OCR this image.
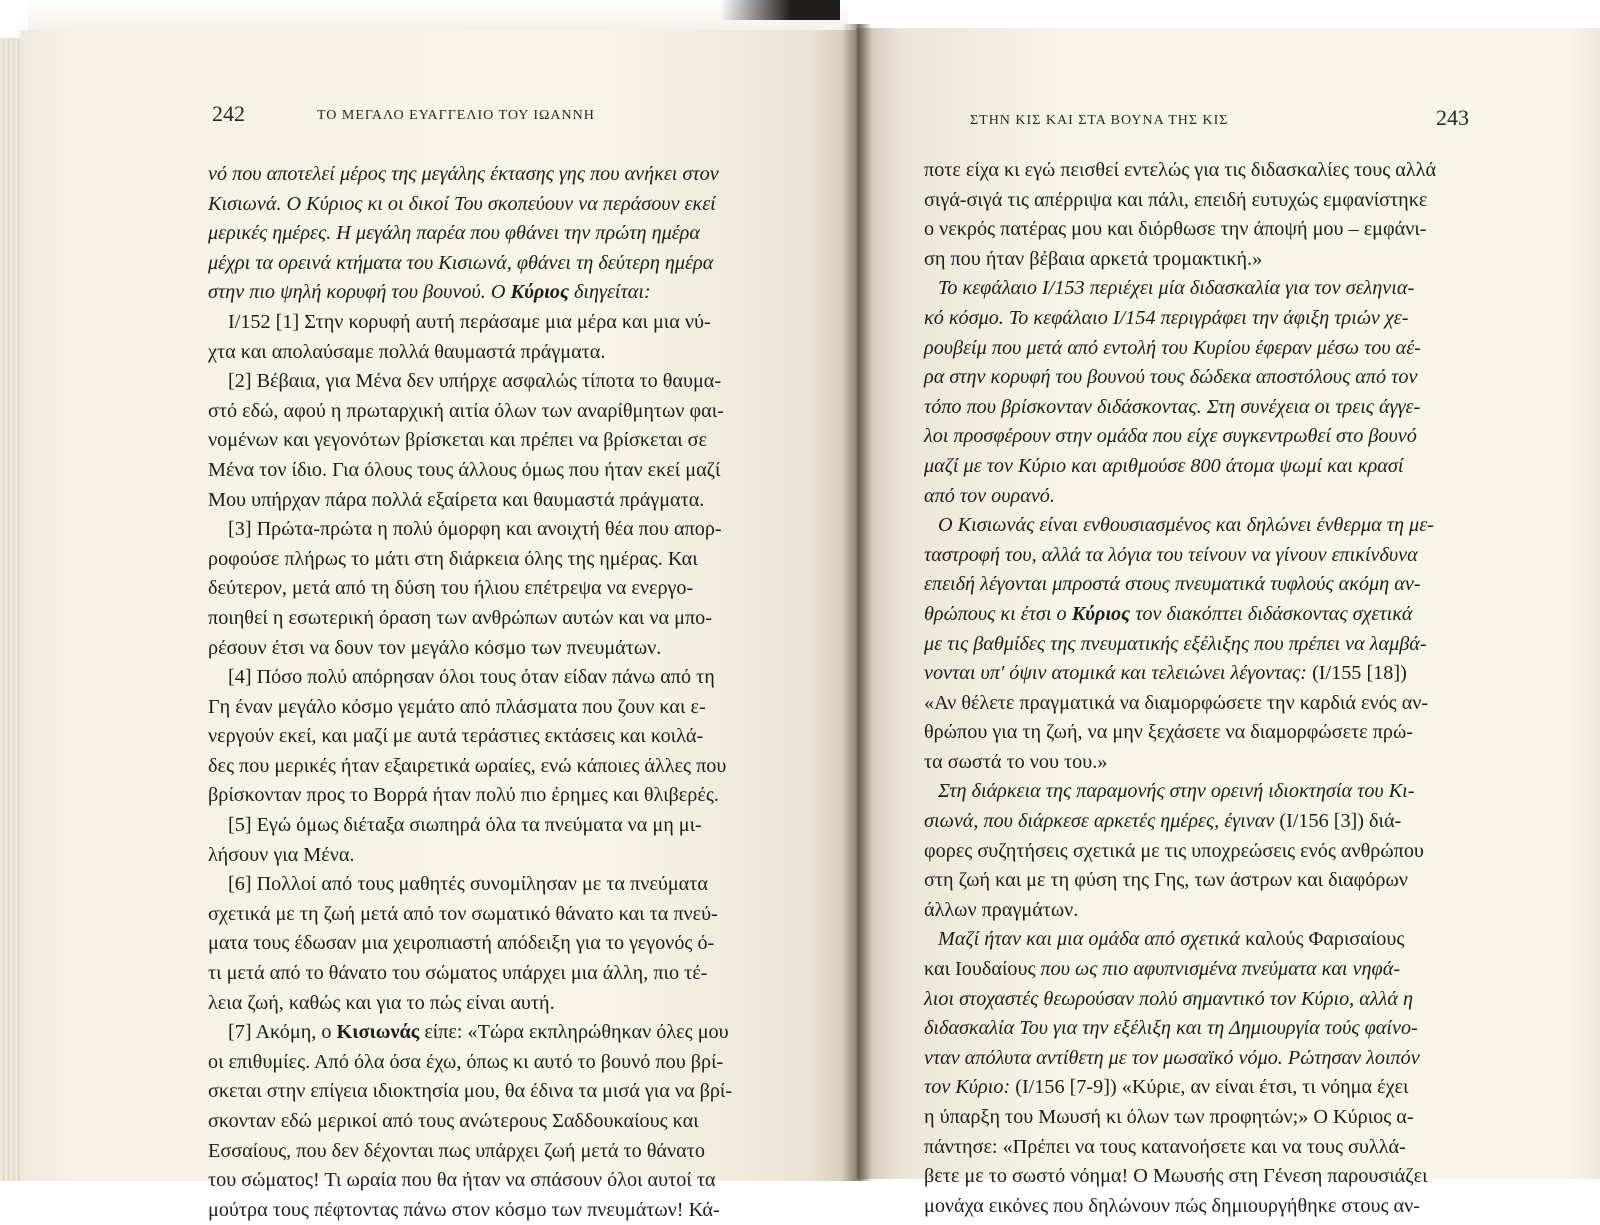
242	ΤΟ ΜΕΓΑΛΟ ΕΥΑΓΓΕΛΙΟ ΤΟΥ ΙΩΑΝΝΗ	ΣΤΗΝ ΚΙΣ ΚΑΙ ΣΤΑ ΒΟΥΝΑ ΤΗΣ ΚΙΣ	243
νό που αποτελεί μέρος της μεγάλης έκτασης γης που ανήκει στον
Κισιωνά. Ο Κύριος κι οι δικοί Του σκοπεύουν να περάσουν εκεί
μερικές ημέρες. Η μεγάλη παρέα που φθάνει την πρώτη ημέρα
μέχρι τα ορεινά κτήματα του Κισιωνά, φθάνει τη δεύτερη ημέρα
στην πιο ψηλή κορυφή του βουνού. Ο Κύριος διηγείται:
I/152 [1] Στην κορυφή αυτή περάσαμε μια μέρα και μια νύ-
χτα και απολαύσαμε πολλά θαυμαστά πράγματα.
[2] Βέβαια, για Μένα δεν υπήρχε ασφαλώς τίποτα το θαυμα-
στό εδώ, αφού η πρωταρχική αιτία όλων των αναρίθμητων φαι-
νομένων και γεγονότων βρίσκεται και πρέπει να βρίσκεται σε
Μένα τον ίδιο. Για όλους τους άλλους όμως που ήταν εκεί μαζί
Μου υπήρχαν πάρα πολλά εξαίρετα και θαυμαστά πράγματα.
[3] Πρώτα-πρώτα η πολύ όμορφη και ανοιχτή θέα που απορ-
ροφούσε πλήρως το μάτι στη διάρκεια όλης της ημέρας. Και
δεύτερον, μετά από τη δύση του ήλιου επέτρεψα να ενεργο-
ποιηθεί η εσωτερική όραση των ανθρώπων αυτών και να μπο-
ρέσουν έτσι να δουν τον μεγάλο κόσμο των πνευμάτων.
[4] Πόσο πολύ απόρησαν όλοι τους όταν είδαν πάνω από τη
Γη έναν μεγάλο κόσμο γεμάτο από πλάσματα που ζουν και ε-
νεργούν εκεί, και μαζί με αυτά τεράστιες εκτάσεις και κοιλά-
δες που μερικές ήταν εξαιρετικά ωραίες, ενώ κάποιες άλλες που
βρίσκονταν προς το Βορρά ήταν πολύ πιο έρημες και θλιβερές.
[5] Εγώ όμως διέταξα σιωπηρά όλα τα πνεύματα να μη μι-
λήσουν για Μένα.
[6] Πολλοί από τους μαθητές συνομίλησαν με τα πνεύματα
σχετικά με τη ζωή μετά από τον σωματικό θάνατο και τα πνεύ-
ματα τους έδωσαν μια χειροπιαστή απόδειξη για το γεγονός ό-
τι μετά από το θάνατο του σώματος υπάρχει μια άλλη, πιο τέ-
λεια ζωή, καθώς και για το πώς είναι αυτή.
[7] Ακόμη, ο Κισιωνάς είπε: «Τώρα εκπληρώθηκαν όλες μου
οι επιθυμίες. Από όλα όσα έχω, όπως κι αυτό το βουνό που βρί-
σκεται στην επίγεια ιδιοκτησία μου, θα έδινα τα μισά για να βρί-
σκονταν εδώ μερικοί από τους ανώτερους Σαδδουκαίους και
Εσσαίους, που δεν δέχονται πως υπάρχει ζωή μετά το θάνατο
του σώματος! Τι ωραία που θα ήταν να σπάσουν όλοι αυτοί τα
μούτρα τους πέφτοντας πάνω στον κόσμο των πνευμάτων! Κά-
ποτε είχα κι εγώ πεισθεί εντελώς για τις διδασκαλίες τους αλλά
σιγά-σιγά τις απέρριψα και πάλι, επειδή ευτυχώς εμφανίστηκε
ο νεκρός πατέρας μου και διόρθωσε την άποψή μου – εμφάνι-
ση που ήταν βέβαια αρκετά τρομακτική.»
Το κεφάλαιο I/153 περιέχει μία διδασκαλία για τον σεληνια-
κό κόσμο. Το κεφάλαιο I/154 περιγράφει την άφιξη τριών χε-
ρουβείμ που μετά από εντολή του Κυρίου έφεραν μέσω του αέ-
ρα στην κορυφή του βουνού τους δώδεκα αποστόλους από τον
τόπο που βρίσκονταν διδάσκοντας. Στη συνέχεια οι τρεις άγγε-
λοι προσφέρουν στην ομάδα που είχε συγκεντρωθεί στο βουνό
μαζί με τον Κύριο και αριθμούσε 800 άτομα ψωμί και κρασί
από τον ουρανό.
Ο Κισιωνάς είναι ενθουσιασμένος και δηλώνει ένθερμα τη με-
ταστροφή του, αλλά τα λόγια του τείνουν να γίνουν επικίνδυνα
επειδή λέγονται μπροστά στους πνευματικά τυφλούς ακόμη αν-
θρώπους κι έτσι ο Κύριος τον διακόπτει διδάσκοντας σχετικά
με τις βαθμίδες της πνευματικής εξέλιξης που πρέπει να λαμβά-
νονται υπ' όψιν ατομικά και τελειώνει λέγοντας: (I/155 [18])
«Αν θέλετε πραγματικά να διαμορφώσετε την καρδιά ενός αν-
θρώπου για τη ζωή, να μην ξεχάσετε να διαμορφώσετε πρώ-
τα σωστά το νου του.»
Στη διάρκεια της παραμονής στην ορεινή ιδιοκτησία του Κι-
σιωνά, που διάρκεσε αρκετές ημέρες, έγιναν (I/156 [3]) διά-
φορες συζητήσεις σχετικά με τις υποχρεώσεις ενός ανθρώπου
στη ζωή και με τη φύση της Γης, των άστρων και διαφόρων
άλλων πραγμάτων.
Μαζί ήταν και μια ομάδα από σχετικά καλούς Φαρισαίους
και Ιουδαίους που ως πιο αφυπνισμένα πνεύματα και νηφά-
λιοι στοχαστές θεωρούσαν πολύ σημαντικό τον Κύριο, αλλά η
διδασκαλία Του για την εξέλιξη και τη Δημιουργία τούς φαίνο-
νταν απόλυτα αντίθετη με τον μωσαϊκό νόμο. Ρώτησαν λοιπόν
τον Κύριο: (I/156 [7-9]) «Κύριε, αν είναι έτσι, τι νόημα έχει
η ύπαρξη του Μωυσή κι όλων των προφητών;» Ο Κύριος α-
πάντησε: «Πρέπει να τους κατανοήσετε και να τους συλλά-
βετε με το σωστό νόημα! Ο Μωυσής στη Γένεση παρουσιάζει
μονάχα εικόνες που δηλώνουν πώς δημιουργήθηκε στους αν-
